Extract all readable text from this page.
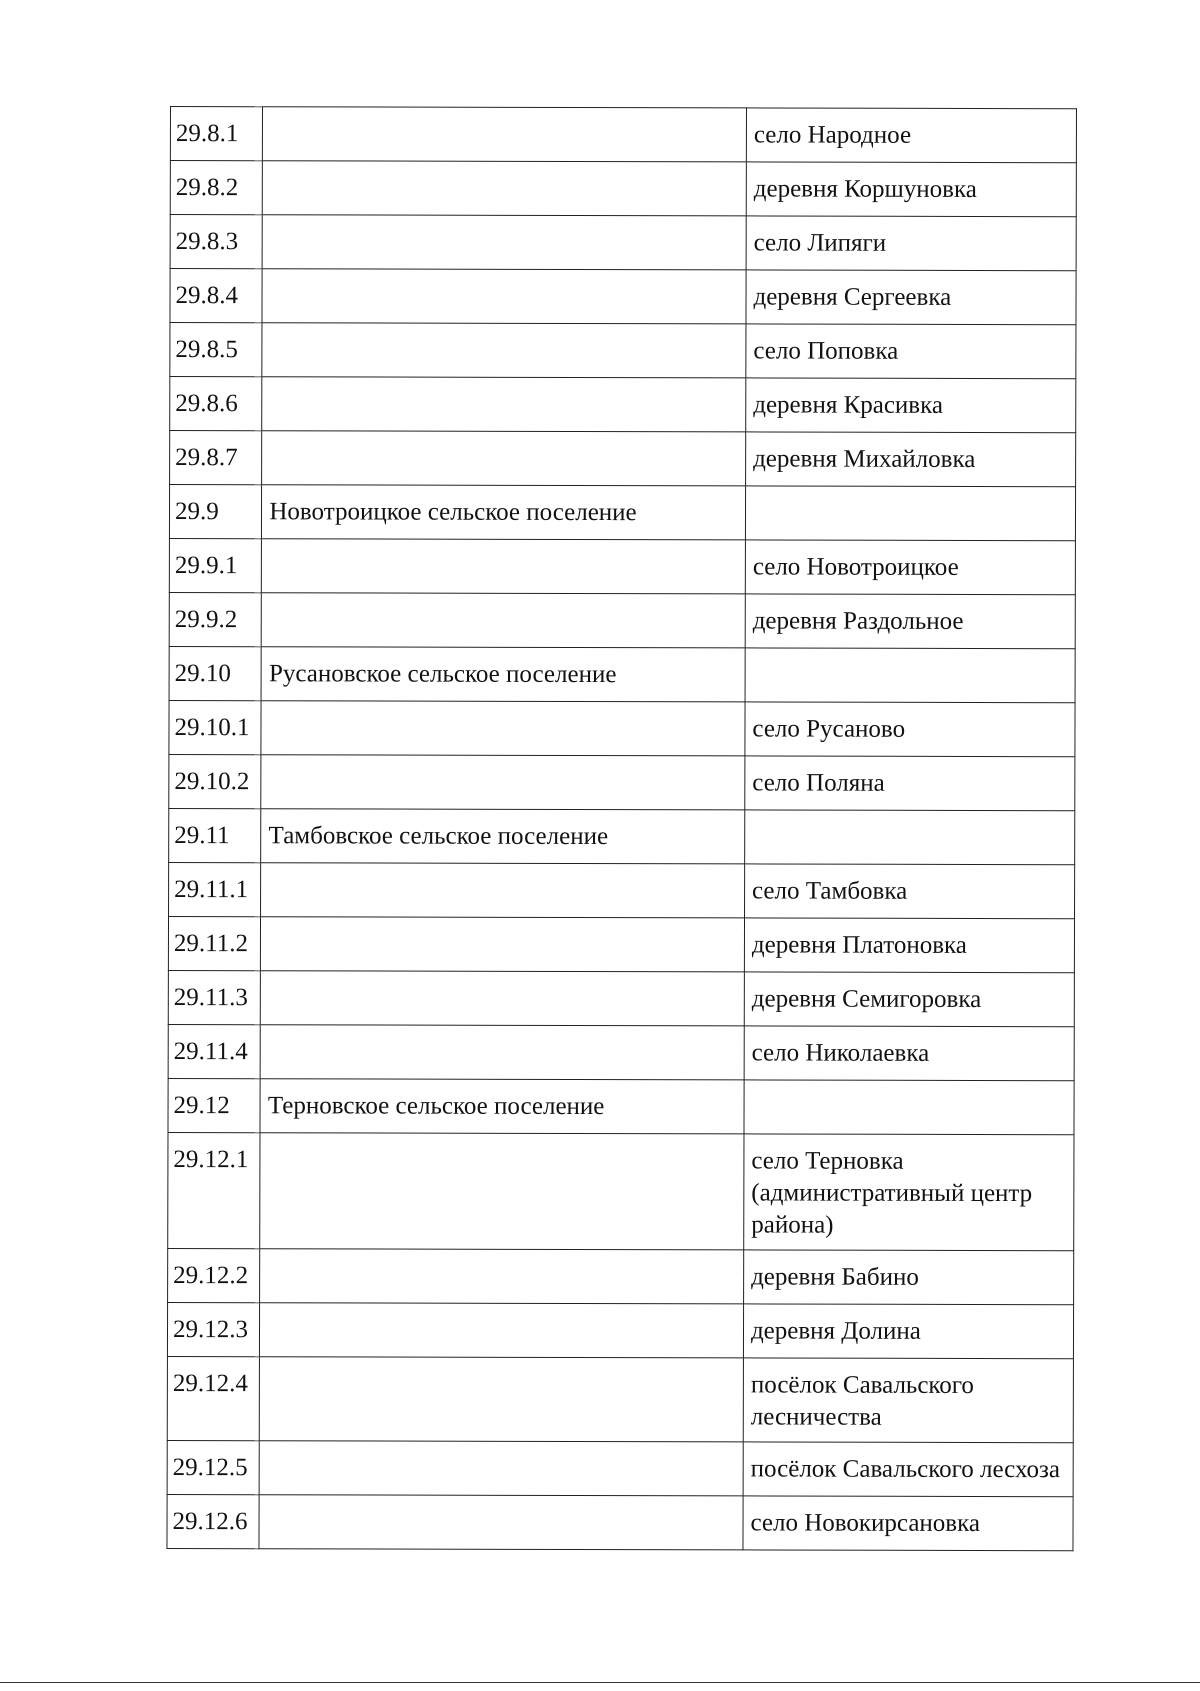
29.8.1		село Народное
29.8.2		деревня Коршуновка
29.8.3		село Липяги
29.8.4		деревня Сергеевка
29.8.5		село Поповка
29.8.6		деревня Красивка
29.8.7		деревня Михайловка
29.9	Новотроицкое сельское поселение	
29.9.1		село Новотроицкое
29.9.2		деревня Раздольное
29.10	Русановское сельское поселение	
29.10.1		село Русаново
29.10.2		село Поляна
29.11	Тамбовское сельское поселение	
29.11.1		село Тамбовка
29.11.2		деревня Платоновка
29.11.3		деревня Семигоровка
29.11.4		село Николаевка
29.12	Терновское сельское поселение	
29.12.1		село Терновка (административный центр района)
29.12.2		деревня Бабино
29.12.3		деревня Долина
29.12.4		посёлок Савальского лесничества
29.12.5		посёлок Савальского лесхоза
29.12.6		село Новокирсановка
